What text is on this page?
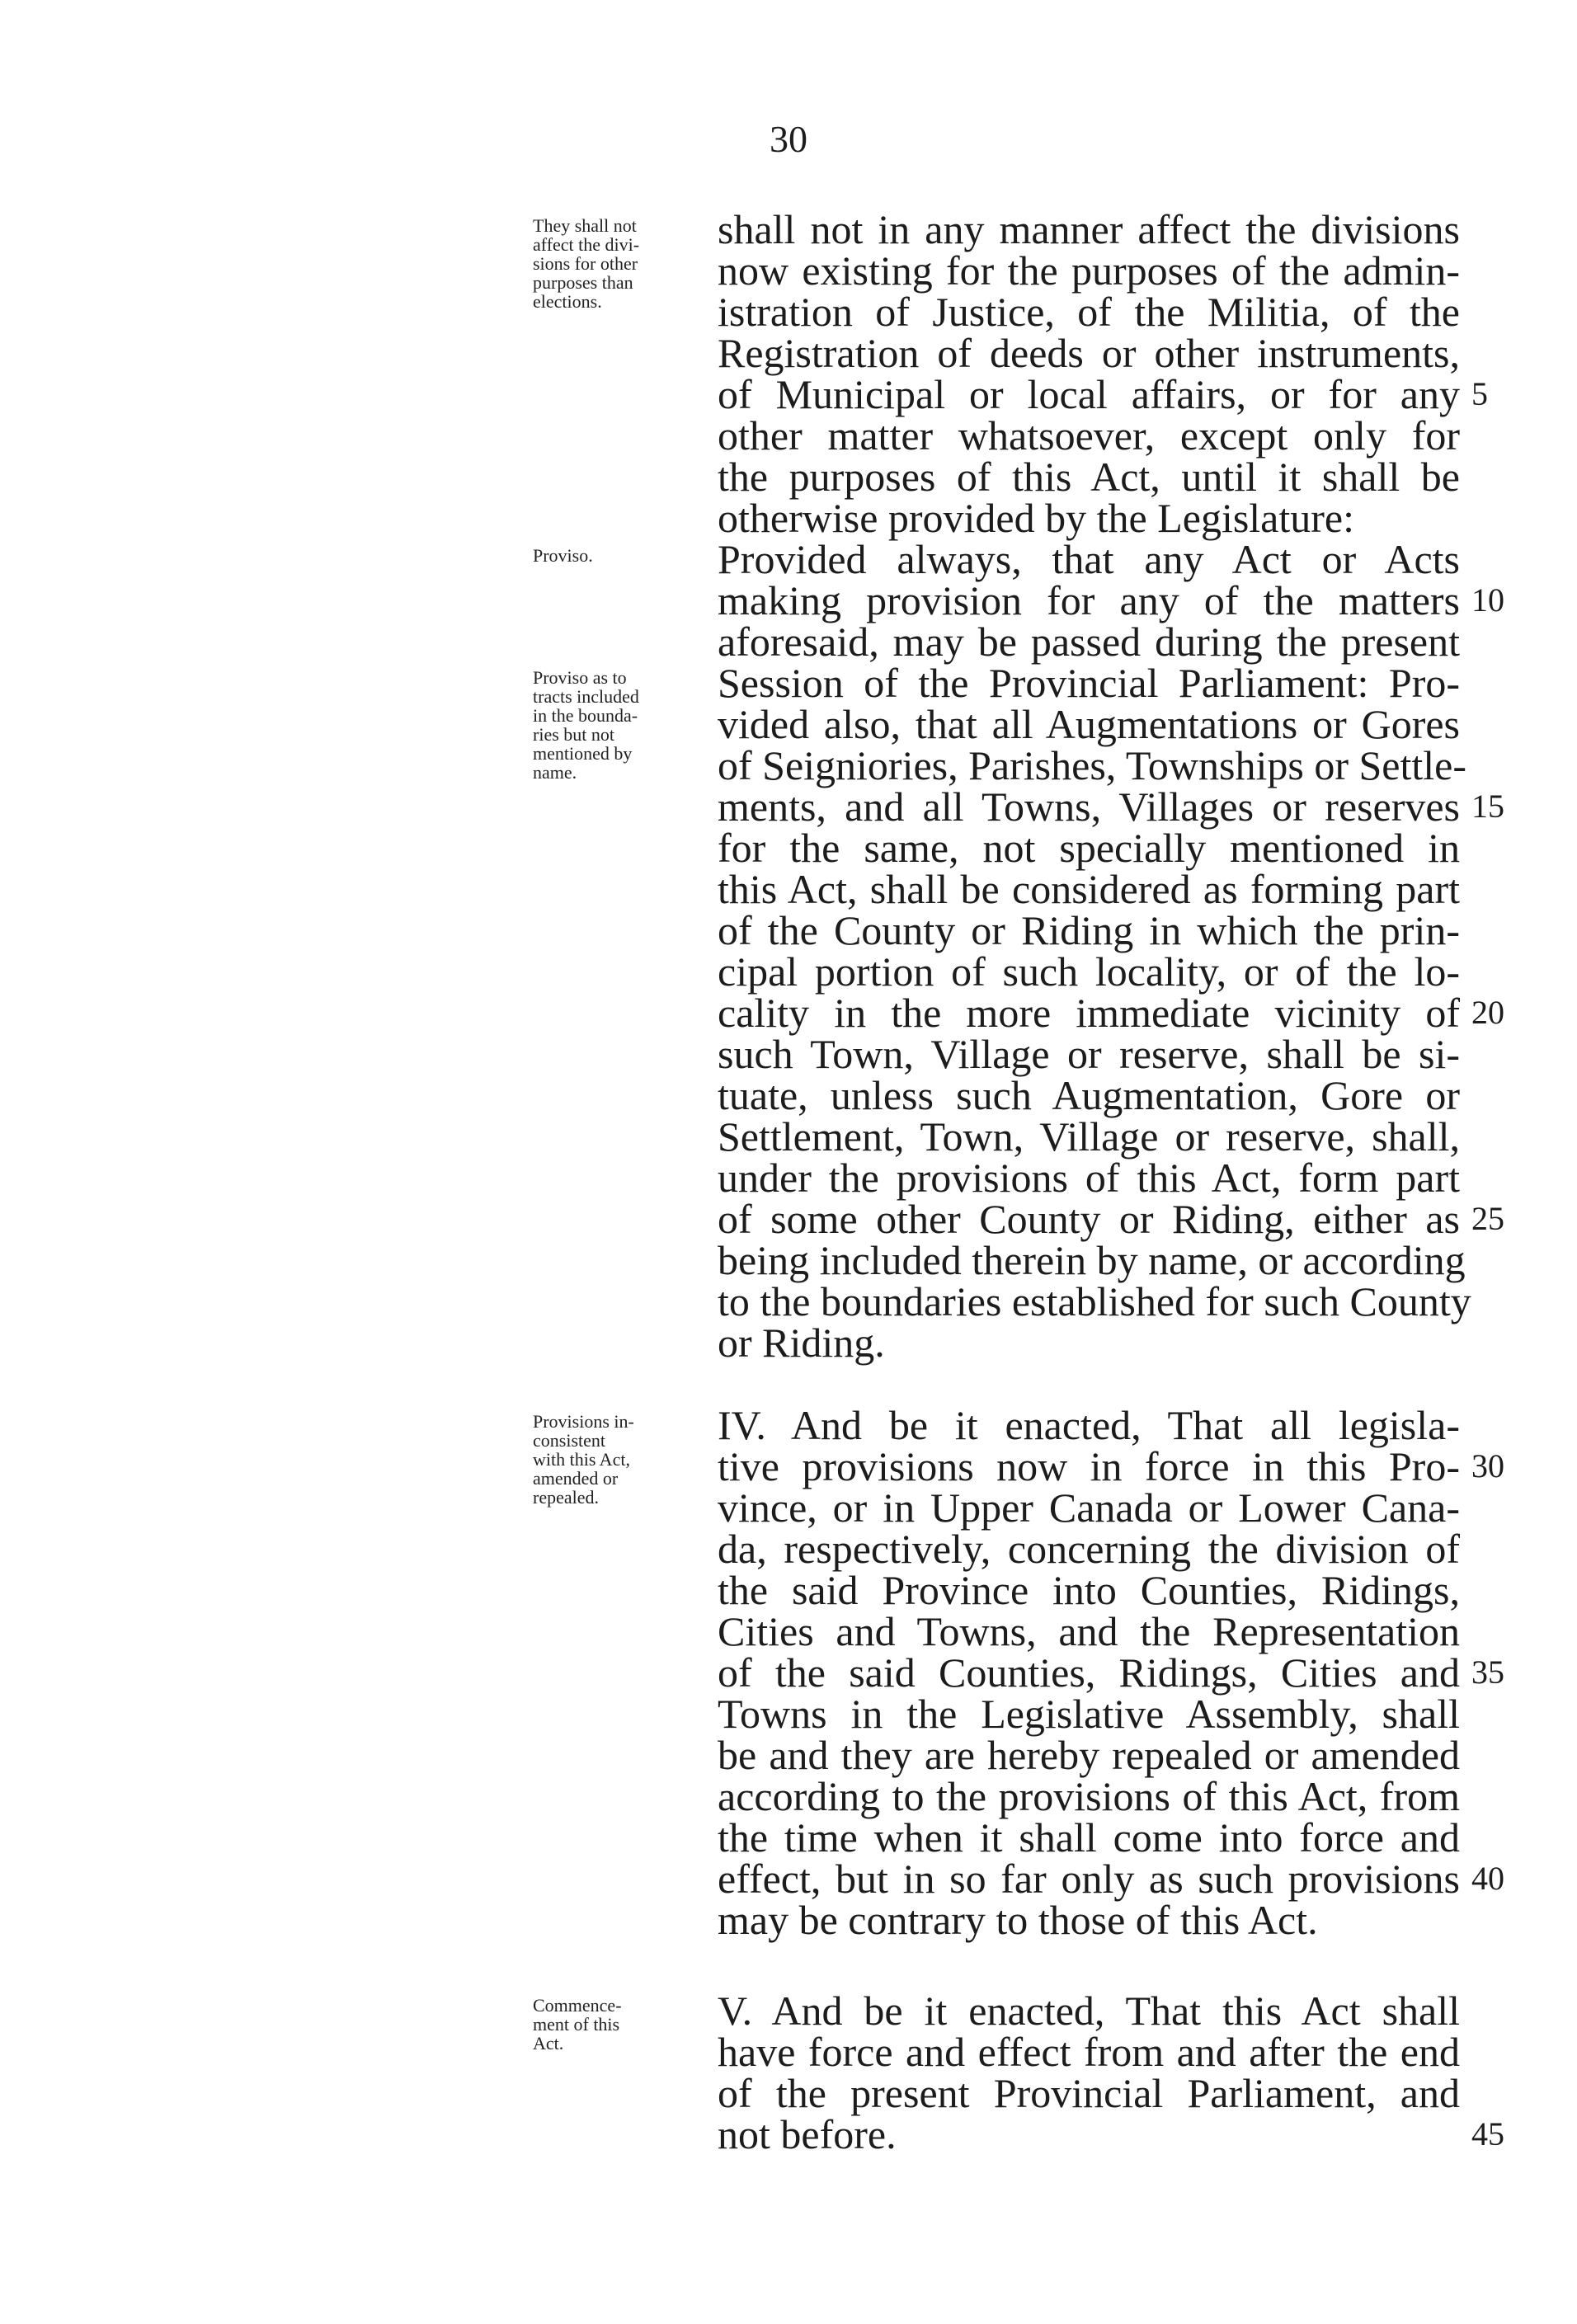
30
They shall not
affect the divi-
sions for other
purposes than
elections.
Proviso.
Proviso as to
tracts included
in the bounda-
ries but not
mentioned by
name.
Provisions in-
consistent
with this Act,
amended or
repealed.
Commence-
ment of this
Act.
shall not in any manner affect the divisions
now existing for the purposes of the admin-
istration of Justice, of the Militia, of the
Registration of deeds or other instruments,
of Municipal or local affairs, or for any
other matter whatsoever, except only for
the purposes of this Act, until it shall be
otherwise provided by the Legislature:
Provided always, that any Act or Acts
making provision for any of the matters
aforesaid, may be passed during the present
Session of the Provincial Parliament: Pro-
vided also, that all Augmentations or Gores
of Seigniories, Parishes, Townships or Settle-
ments, and all Towns, Villages or reserves
for the same, not specially mentioned in
this Act, shall be considered as forming part
of the County or Riding in which the prin-
cipal portion of such locality, or of the lo-
cality in the more immediate vicinity of
such Town, Village or reserve, shall be si-
tuate, unless such Augmentation, Gore or
Settlement, Town, Village or reserve, shall,
under the provisions of this Act, form part
of some other County or Riding, either as
being included therein by name, or according
to the boundaries established for such County
or Riding.
IV. And be it enacted, That all legisla-
tive provisions now in force in this Pro-
vince, or in Upper Canada or Lower Cana-
da, respectively, concerning the division of
the said Province into Counties, Ridings,
Cities and Towns, and the Representation
of the said Counties, Ridings, Cities and
Towns in the Legislative Assembly, shall
be and they are hereby repealed or amended
according to the provisions of this Act, from
the time when it shall come into force and
effect, but in so far only as such provisions
may be contrary to those of this Act.
V. And be it enacted, That this Act shall
have force and effect from and after the end
of the present Provincial Parliament, and
not before.
5
10
15
20
25
30
35
40
45
